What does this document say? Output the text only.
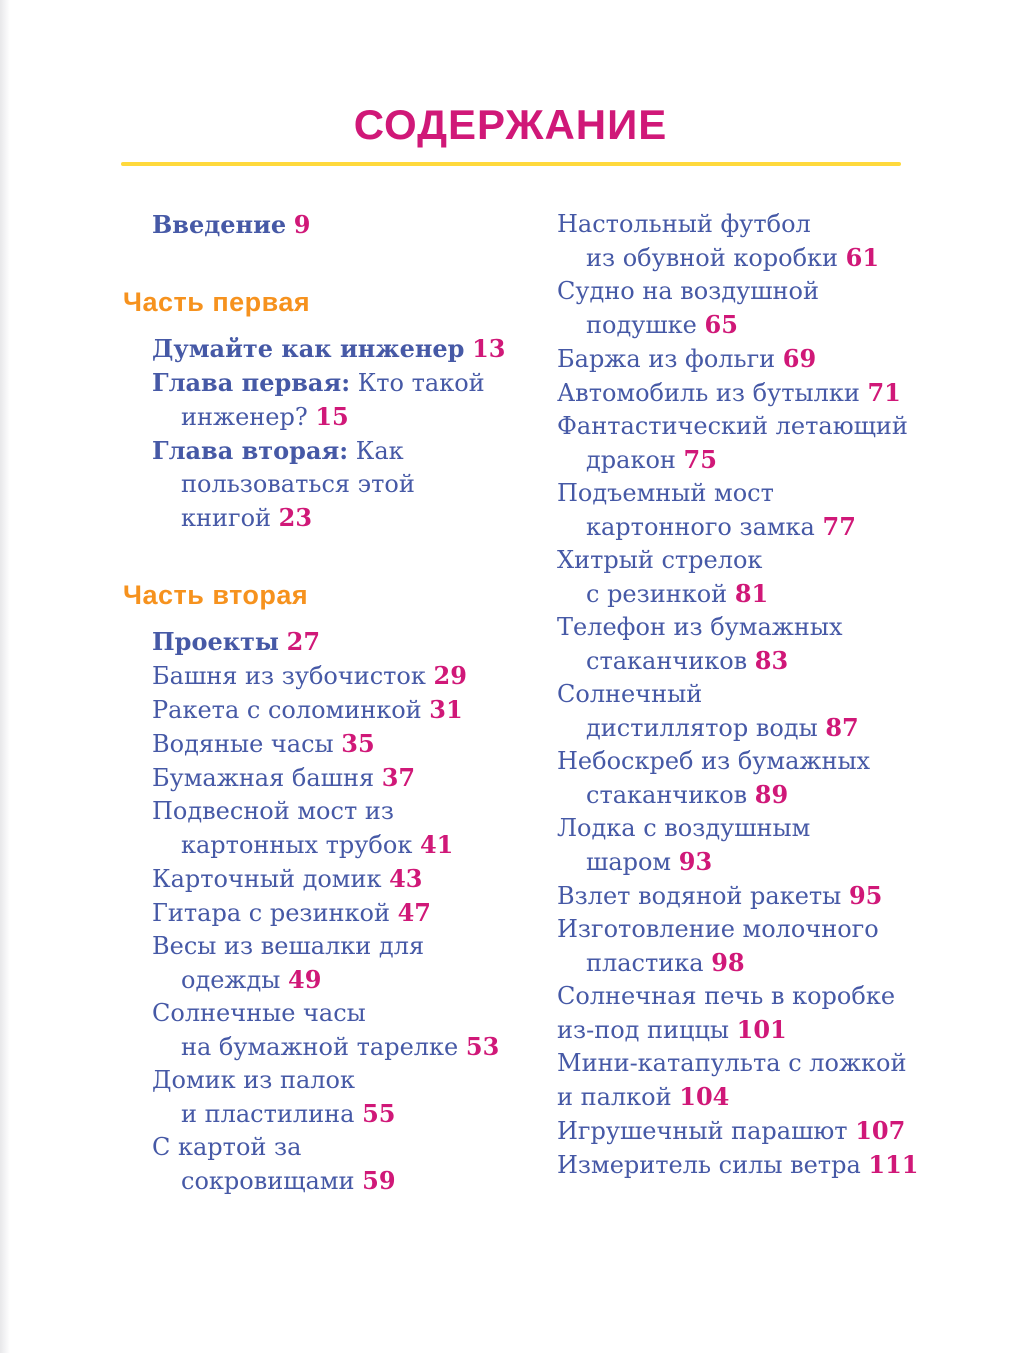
СОДЕРЖАНИЕ
Введение 9
Часть первая
Думайте как инженер 13
Глава первая: Кто такой
инженер? 15
Глава вторая: Как
пользоваться этой
книгой 23
Часть вторая
Проекты 27
Башня из зубочисток 29
Ракета с соломинкой 31
Водяные часы 35
Бумажная башня 37
Подвесной мост из
картонных трубок 41
Карточный домик 43
Гитара с резинкой 47
Весы из вешалки для
одежды 49
Солнечные часы
на бумажной тарелке 53
Домик из палок
и пластилина 55
С картой за
сокровищами 59
Настольный футбол
из обувной коробки 61
Судно на воздушной
подушке 65
Баржа из фольги 69
Автомобиль из бутылки 71
Фантастический летающий
дракон 75
Подъемный мост
картонного замка 77
Хитрый стрелок
с резинкой 81
Телефон из бумажных
стаканчиков 83
Солнечный
дистиллятор воды 87
Небоскреб из бумажных
стаканчиков 89
Лодка с воздушным
шаром 93
Взлет водяной ракеты 95
Изготовление молочного
пластика 98
Солнечная печь в коробке
из-под пиццы 101
Мини-катапульта с ложкой
и палкой 104
Игрушечный парашют 107
Измеритель силы ветра 111
